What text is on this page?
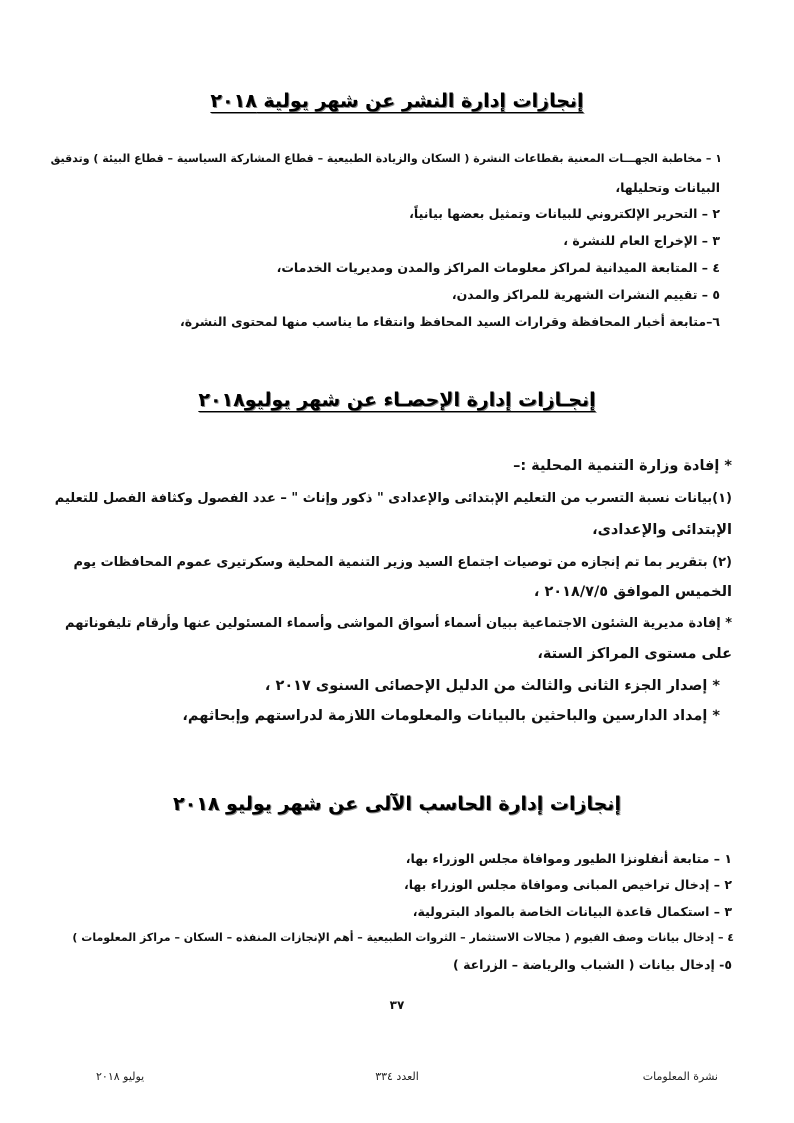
إنجازات إدارة النشر عن شهر يولية ٢٠١٨
١ – مخاطبة الجهـــات المعنية بقطاعات النشرة ( السكان والزيادة الطبيعية – قطاع المشاركة السياسية – قطاع البيئة ) وتدقيق
البيانات وتحليلها،
٢ – التحرير الإلكتروني للبيانات وتمثيل بعضها بيانياً،
٣ – الإخراج العام للنشرة ،
٤ – المتابعة الميدانية لمراكز معلومات المراكز والمدن ومديريات الخدمات،
٥ – تقييم النشرات الشهرية للمراكز والمدن،
٦–متابعة أخبار المحافظة وقرارات السيد المحافظ وانتقاء ما يناسب منها لمحتوى النشرة،
إنجـازات إدارة الإحصـاء عن شهر يوليو٢٠١٨
* إفادة وزارة التنمية المحلية :–
(١)بيانات نسبة التسرب من التعليم الإبتدائى والإعدادى " ذكور وإناث " – عدد الفصول وكثافة الفصل للتعليم
الإبتدائى والإعدادى،
(٢) بتقرير بما تم إنجازه من توصيات اجتماع السيد وزير التنمية المحلية وسكرتيرى عموم المحافظات يوم
الخميس الموافق ٢٠١٨/٧/٥ ،
* إفادة مديرية الشئون الاجتماعية ببيان أسماء أسواق المواشى وأسماء المسئولين عنها وأرقام تليفوناتهم
على مستوى المراكز الستة،
* إصدار الجزء الثانى والثالث من الدليل الإحصائى السنوى ٢٠١٧ ،
* إمداد الدارسين والباحثين بالبيانات والمعلومات اللازمة لدراستهم وإبحاثهم،
إنجازات إدارة الحاسب الآلى عن شهر يوليو ٢٠١٨
١ – متابعة أنفلونزا الطيور وموافاة مجلس الوزراء بها،
٢ – إدخال تراخيص المبانى وموافاة مجلس الوزراء بها،
٣ – استكمال قاعدة البيانات الخاصة بالمواد البترولية،
٤ – إدخال بيانات وصف الفيوم ( مجالات الاستثمار – الثروات الطبيعية – أهم الإنجازات المنفذه – السكان – مراكز المعلومات )
٥- إدخال بيانات ( الشباب والرياضة – الزراعة )
٣٧
نشرة المعلومات
العدد ٣٣٤
يوليو ٢٠١٨
